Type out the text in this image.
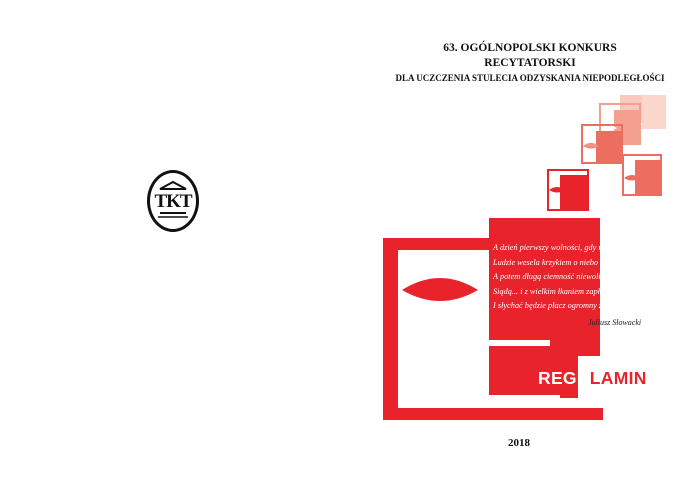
63. OGÓLNOPOLSKI KONKURS
RECYTATORSKI
DLA UCZCZENIA STULECIA ODZYSKANIA NIEPODLEGŁOŚCI
TKT
A dzień pierwszy wolności, gdy radość roznieci,
Ludzie wesela krzykiem o niebo uderzą,
A potem długą ciemność niewoli przemierzą,
Siądą... i z wielkim łkaniem zapłaczą jak dzieci,
I słychać będzie płacz ogromny zmartwychwstania.
Juliusz Słowacki
REGULAMIN
2018
